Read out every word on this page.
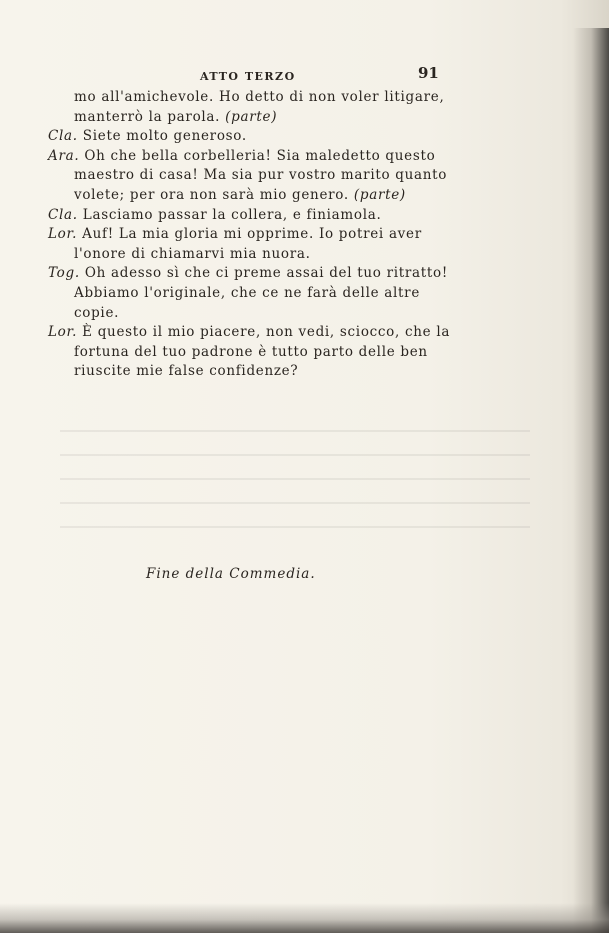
ATTO TERZO	91

mo all'amichevole. Ho detto di non voler litigare, manterrò la parola. (parte)

Cla. Siete molto generoso.

Ara. Oh che bella corbelleria! Sia maledetto questo maestro di casa! Ma sia pur vostro marito quanto volete; per ora non sarà mio genero. (parte)

Cla. Lasciamo passar la collera, e finiamola.

Lor. Auf! La mia gloria mi opprime. Io potrei aver l'onore di chiamarvi mia nuora.

Tog. Oh adesso sì che ci preme assai del tuo ritratto! Abbiamo l'originale, che ce ne farà delle altre copie.

Lor. È questo il mio piacere, non vedi, sciocco, che la fortuna del tuo padrone è tutto parto delle ben riuscite mie false confidenze?

Fine della Commedia.
